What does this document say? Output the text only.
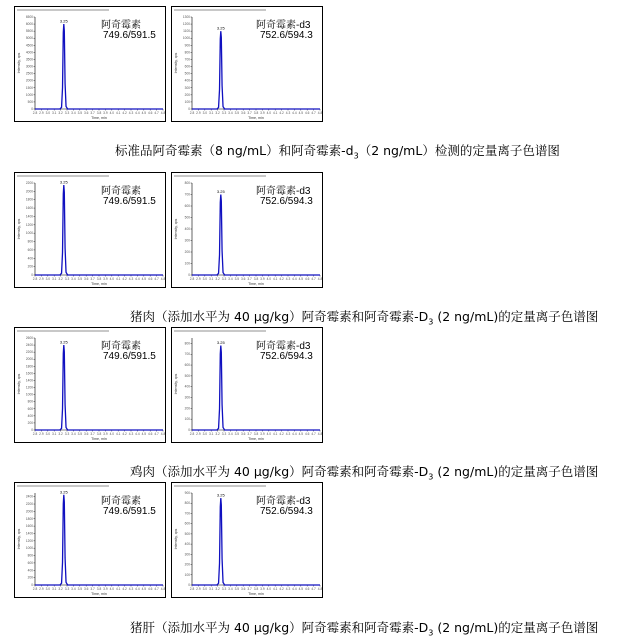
0
500
1000
1500
2000
2500
3000
3500
4000
4500
5000
5500
6000
6500
2.8 2.9 3.0 3.1 3.2 3.3 3.4 3.5 3.6 3.7 3.8 3.9 4.0 4.1 4.2 4.3 4.4 4.5 4.6 4.7 4.8
Time, min
Intensity, cps
3.25	阿奇霉素
749.6/591.5
0
100
200
300
400
500
600
700
800
900
1000
1100
1200
1300
2.8 2.9 3.0 3.1 3.2 3.3 3.4 3.5 3.6 3.7 3.8 3.9 4.0 4.1 4.2 4.3 4.4 4.5 4.6 4.7 4.8
Time, min
Intensity, cps
3.25	阿奇霉素-d3
752.6/594.3
标准品阿奇霉素（8 ng/mL）和阿奇霉素$-d_3(2$ ng/mL）检测的定量离子色谱图
0
200
400
600
800
1000
1200
1400
1600
1800
2000
2200
2.8 2.9 3.0 3.1 3.2 3.3 3.4 3.5 3.6 3.7 3.8 3.9 4.0 4.1 4.2 4.3 4.4 4.5 4.6 4.7 4.8
Time, min
Intensity, cps
3.25
阿奇霉素
749.6/591.5
0
100
200
300
400
500
600
700
800
2.8 2.9 3.0 3.1 3.2 3.3 3.4 3.5 3.6 3.7 3.8 3.9 4.0 4.1 4.2 4.3 4.4 4.5 4.6 4.7 4.8
Time, min
Intensity, cps
3.25	阿奇霉素-d3
752.6/594.3
猪肉（添加水平为 40 μg/kg）阿奇霉素和阿奇霉素$-D_3$ (2 ng/mL)的定量离子色谱图
0
200
400
600
800
1000
1200
1400
1600
1800
2000
2200
2400
2600
2.8 2.9 3.0 3.1 3.2 3.3 3.4 3.5 3.6 3.7 3.8 3.9 4.0 4.1 4.2 4.3 4.4 4.5 4.6 4.7 4.8
Time, min
Intensity, cps
3.25	阿奇霉素
749.6/591.5
0
100
200
300
400
500
600
700
800
2.8 2.9 3.0 3.1 3.2 3.3 3.4 3.5 3.6 3.7 3.8 3.9 4.0 4.1 4.2 4.3 4.4 4.5 4.6 4.7 4.8
Time, min
Intensity, cps
3.25	阿奇霉素-d3
752.6/594.3
鸡肉（添加水平为 40 μg/kg）阿奇霉素和阿奇霉素$-D_3$ (2 ng/mL)的定量离子色谱图
0
200
400
600
800
1000
1200
1400
1600
1800
2000
2200
2400
2.8 2.9 3.0 3.1 3.2 3.3 3.4 3.5 3.6 3.7 3.8 3.9 4.0 4.1 4.2 4.3 4.4 4.5 4.6 4.7 4.8
Time, min
Intensity, cps
3.25
阿奇霉素
749.6/591.5
0
100
200
300
400
500
600
700
800
900
2.8 2.9 3.0 3.1 3.2 3.3 3.4 3.5 3.6 3.7 3.8 3.9 4.0 4.1 4.2 4.3 4.4 4.5 4.6 4.7 4.8
Time, min
Intensity, cps
3.25
阿奇霉素-d3
752.6/594.3
猪肝（添加水平为 40 μg/kg）阿奇霉素和阿奇霉素$-D_3$ (2 ng/mL)的定量离子色谱图
